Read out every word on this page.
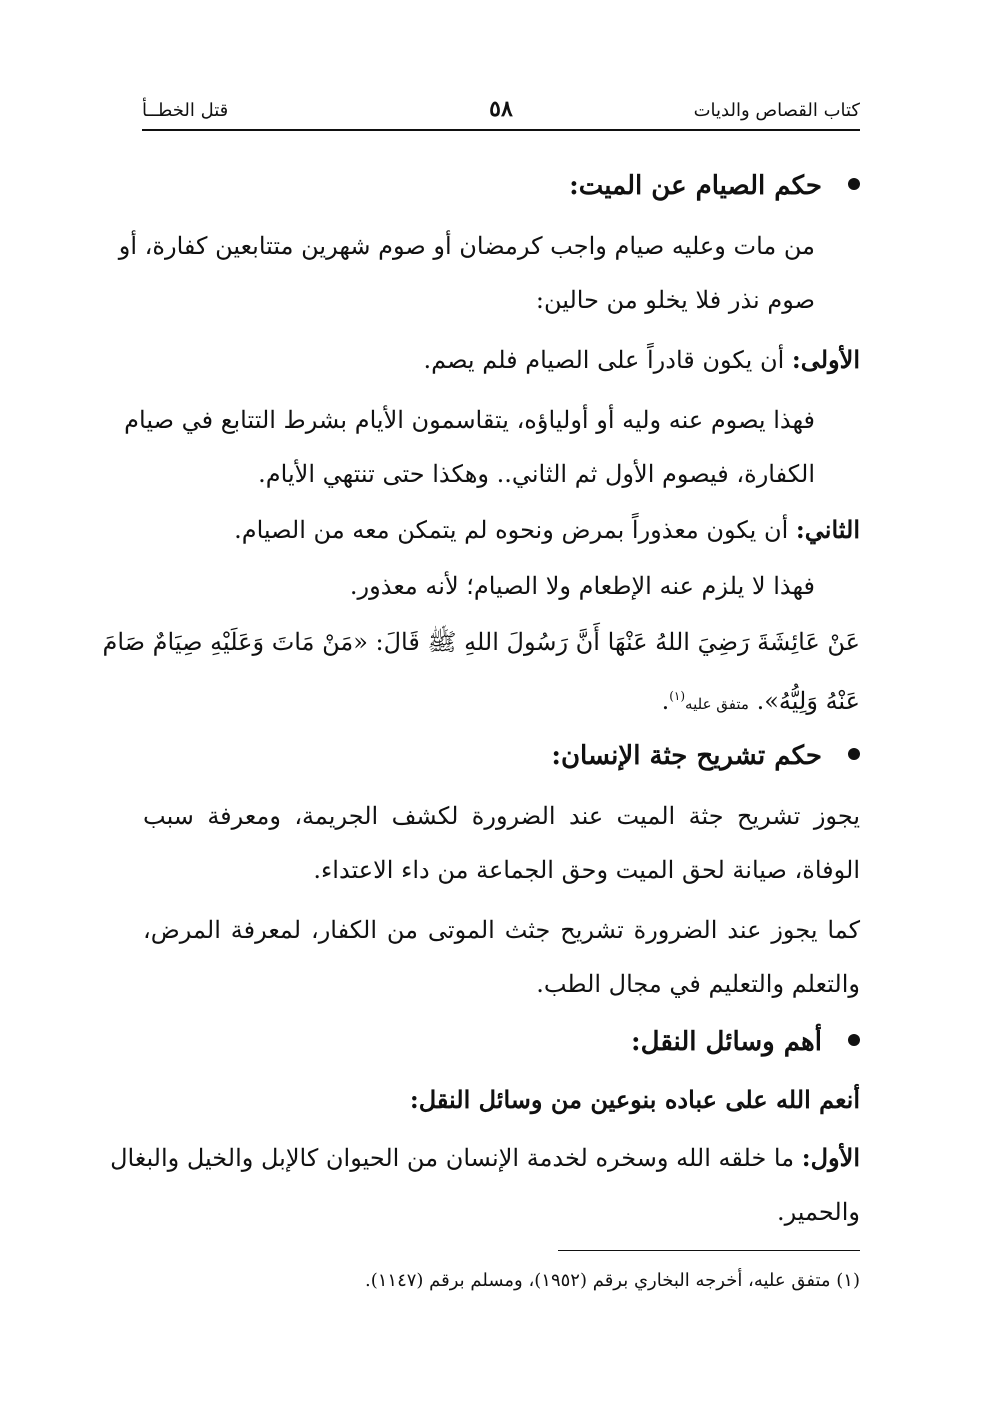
كتاب القصاص والديات
٥٨
قتل الخطــأ
حكم الصيام عن الميت:
من مات وعليه صيام واجب كرمضان أو صوم شهرين متتابعين كفارة، أو
صوم نذر فلا يخلو من حالين:
الأولى: أن يكون قادراً على الصيام فلم يصم.
فهذا يصوم عنه وليه أو أولياؤه، يتقاسمون الأيام بشرط التتابع في صيام
الكفارة، فيصوم الأول ثم الثاني.. وهكذا حتى تنتهي الأيام.
الثاني: أن يكون معذوراً بمرض ونحوه لم يتمكن معه من الصيام.
فهذا لا يلزم عنه الإطعام ولا الصيام؛ لأنه معذور.
عَنْ عَائِشَةَ رَضِيَ اللهُ عَنْهَا أَنَّ رَسُولَ اللهِ ﷺ قَالَ: «مَنْ مَاتَ وَعَلَيْهِ صِيَامٌ صَامَ
عَنْهُ وَلِيُّهُ». متفق عليه$^{(١)}$.
حكم تشريح جثة الإنسان:
يجوز تشريح جثة الميت عند الضرورة لكشف الجريمة، ومعرفة سبب
الوفاة، صيانة لحق الميت وحق الجماعة من داء الاعتداء.
كما يجوز عند الضرورة تشريح جثث الموتى من الكفار، لمعرفة المرض،
والتعلم والتعليم في مجال الطب.
أهم وسائل النقل:
أنعم الله على عباده بنوعين من وسائل النقل:
الأول: ما خلقه الله وسخره لخدمة الإنسان من الحيوان كالإبل والخيل والبغال
والحمير.
(١) متفق عليه، أخرجه البخاري برقم (١٩٥٢)، ومسلم برقم (١١٤٧).
